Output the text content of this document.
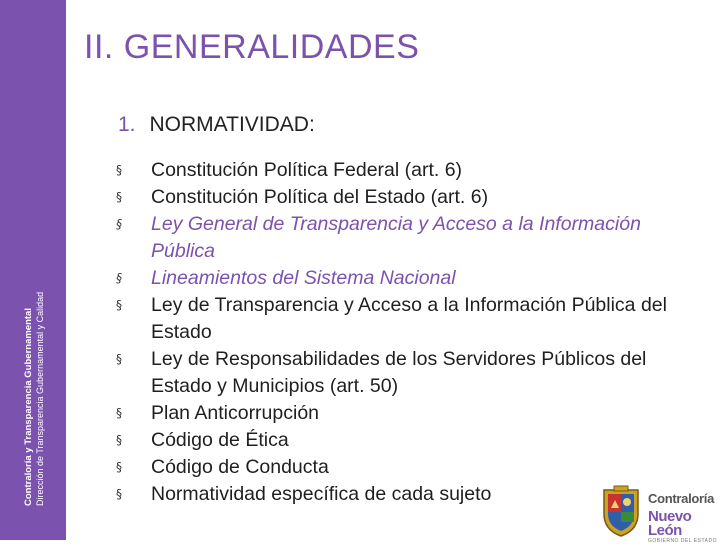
Contraloría y Transparencia Gubernamental Dirección de Transparencia Gubernamental y Calidad
II. GENERALIDADES
1. NORMATIVIDAD:
§ Constitución Política Federal (art. 6)
§ Constitución Política del Estado (art. 6)
§ Ley General de Transparencia y Acceso a la Información Pública
§ Lineamientos del Sistema Nacional
§ Ley de Transparencia y Acceso a la Información Pública del Estado
§ Ley de Responsabilidades de los Servidores Públicos del Estado y Municipios (art. 50)
§ Plan Anticorrupción
§ Código de Ética
§ Código de Conducta
§ Normatividad específica de cada sujeto	Contraloría
Nuevo León
GOBIERNO DEL ESTADO
